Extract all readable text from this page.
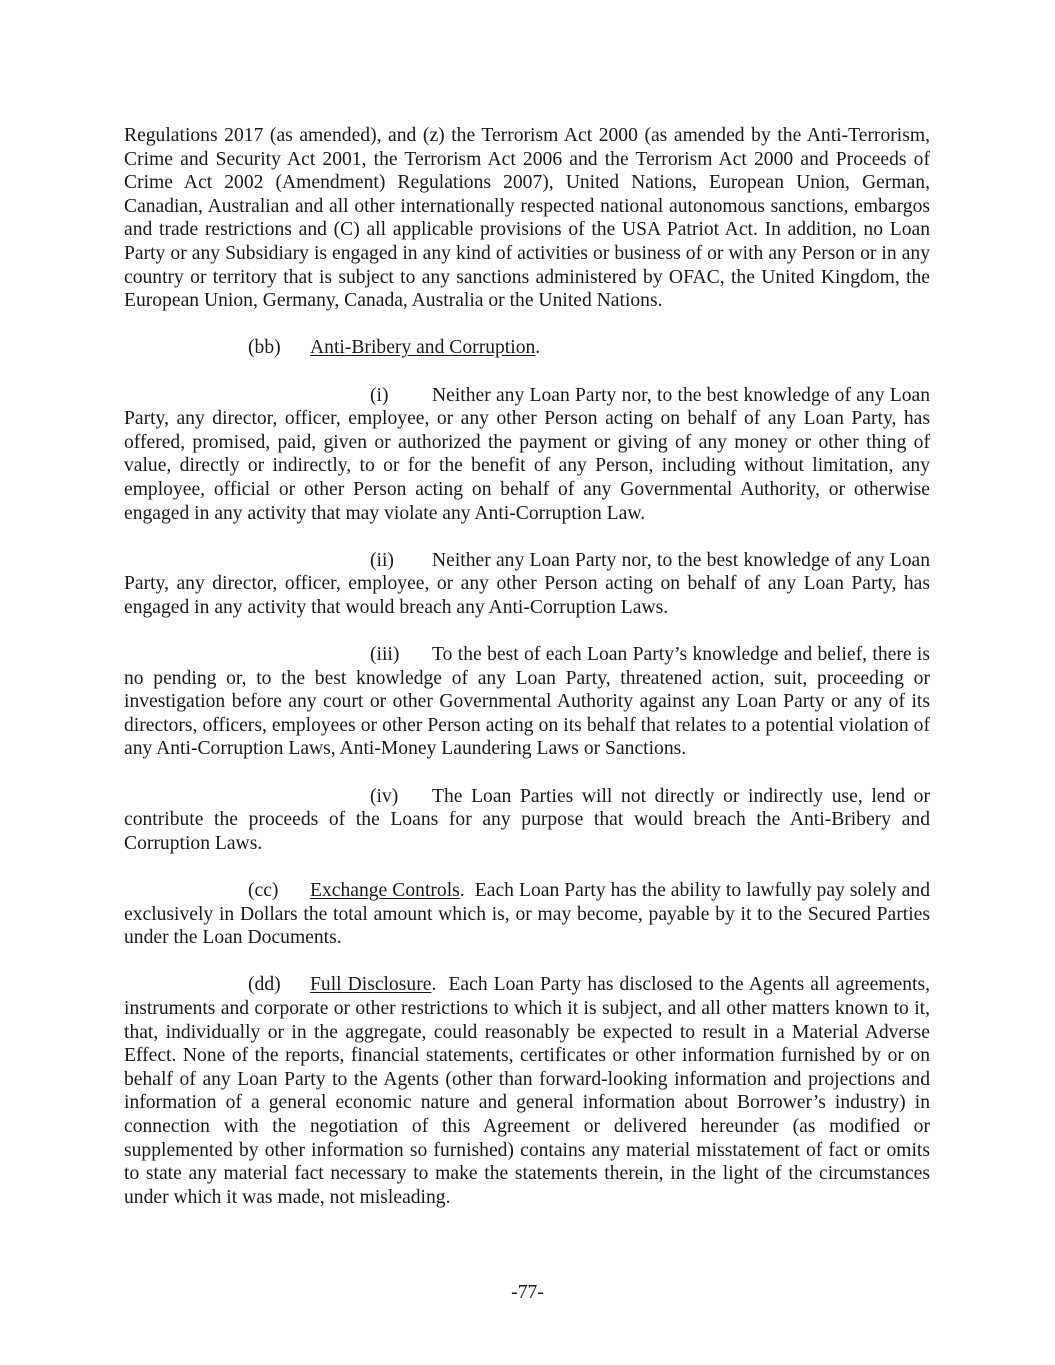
Regulations 2017 (as amended), and (z) the Terrorism Act 2000 (as amended by the Anti-Terrorism, Crime and Security Act 2001, the Terrorism Act 2006 and the Terrorism Act 2000 and Proceeds of Crime Act 2002 (Amendment) Regulations 2007), United Nations, European Union, German, Canadian, Australian and all other internationally respected national autonomous sanctions, embargos and trade restrictions and (C) all applicable provisions of the USA Patriot Act. In addition, no Loan Party or any Subsidiary is engaged in any kind of activities or business of or with any Person or in any country or territory that is subject to any sanctions administered by OFAC, the United Kingdom, the European Union, Germany, Canada, Australia or the United Nations.

(bb) Anti-Bribery and Corruption.

(i) Neither any Loan Party nor, to the best knowledge of any Loan Party, any director, officer, employee, or any other Person acting on behalf of any Loan Party, has offered, promised, paid, given or authorized the payment or giving of any money or other thing of value, directly or indirectly, to or for the benefit of any Person, including without limitation, any employee, official or other Person acting on behalf of any Governmental Authority, or otherwise engaged in any activity that may violate any Anti-Corruption Law.

(ii) Neither any Loan Party nor, to the best knowledge of any Loan Party, any director, officer, employee, or any other Person acting on behalf of any Loan Party, has engaged in any activity that would breach any Anti-Corruption Laws.

(iii) To the best of each Loan Party’s knowledge and belief, there is no pending or, to the best knowledge of any Loan Party, threatened action, suit, proceeding or investigation before any court or other Governmental Authority against any Loan Party or any of its directors, officers, employees or other Person acting on its behalf that relates to a potential violation of any Anti-Corruption Laws, Anti-Money Laundering Laws or Sanctions.

(iv) The Loan Parties will not directly or indirectly use, lend or contribute the proceeds of the Loans for any purpose that would breach the Anti-Bribery and Corruption Laws.

(cc) Exchange Controls. Each Loan Party has the ability to lawfully pay solely and exclusively in Dollars the total amount which is, or may become, payable by it to the Secured Parties under the Loan Documents.

(dd) Full Disclosure. Each Loan Party has disclosed to the Agents all agreements, instruments and corporate or other restrictions to which it is subject, and all other matters known to it, that, individually or in the aggregate, could reasonably be expected to result in a Material Adverse Effect. None of the reports, financial statements, certificates or other information furnished by or on behalf of any Loan Party to the Agents (other than forward-looking information and projections and information of a general economic nature and general information about Borrower’s industry) in connection with the negotiation of this Agreement or delivered hereunder (as modified or supplemented by other information so furnished) contains any material misstatement of fact or omits to state any material fact necessary to make the statements therein, in the light of the circumstances under which it was made, not misleading.

-77-
